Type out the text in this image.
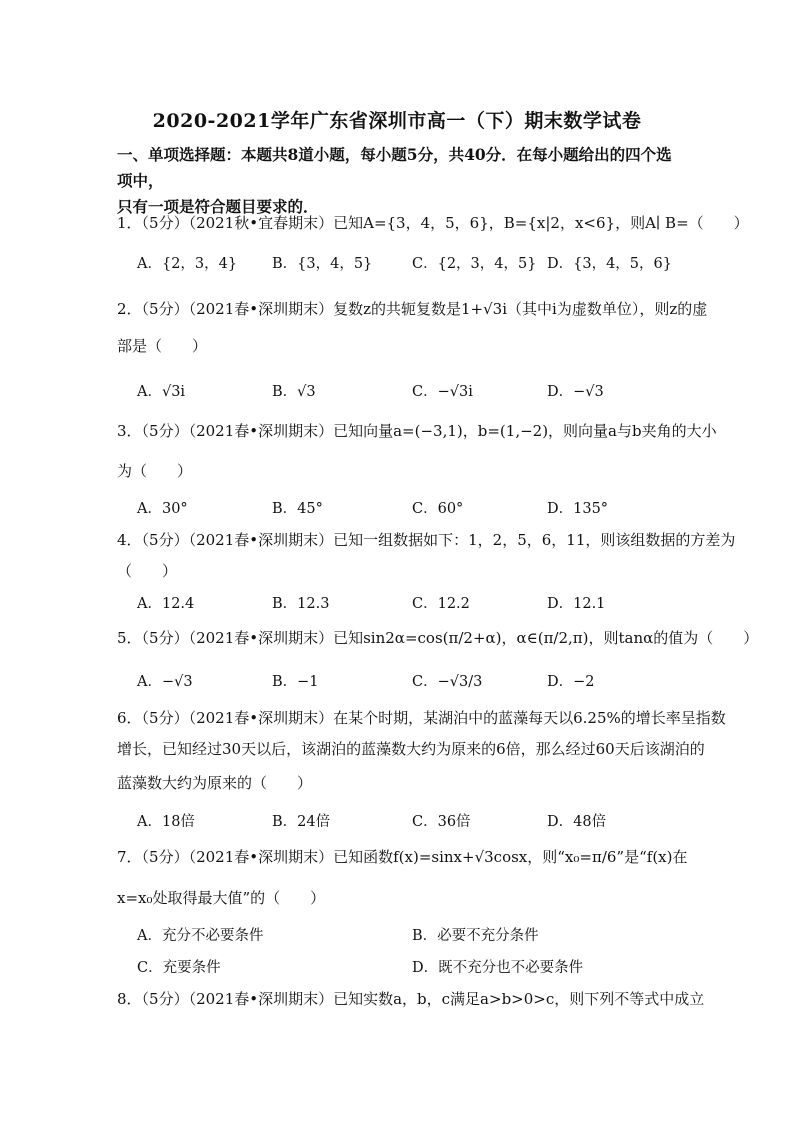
2020-2021学年广东省深圳市高一（下）期末数学试卷
一、单项选择题：本题共8道小题，每小题5分，共40分．在每小题给出的四个选项中，
只有一项是符合题目要求的．
1．（5分）（2021秋•宜春期末）已知A={3，4，5，6}，B={x|2，x<6}，则A∣ B=（　　）
A．{2，3，4} B．{3，4，5}	C．{2，3，4，5} D．{3，4，5，6}
2．（5分）（2021春•深圳期末）复数z的共轭复数是1+√3i（其中i为虚数单位），则z的虚
部是（　　）
A．√3i	B．√3	C．−√3i	D．−√3
3．（5分）（2021春•深圳期末）已知向量a=(−3,1)，b=(1,−2)，则向量a与b夹角的大小
为（　　）
A．30°	B．45°	C．60°	D．135°
4．（5分）（2021春•深圳期末）已知一组数据如下：1，2，5，6，11，则该组数据的方差为
（　　）
A．12.4	B．12.3	C．12.2	D．12.1
5．（5分）（2021春•深圳期末）已知sin2α=cos(π/2+α)，α∈(π/2,π)，则tanα的值为（　　）
A．−√3	B．−1	C．−√3/3	D．−2
6．（5分）（2021春•深圳期末）在某个时期，某湖泊中的蓝藻每天以6.25%的增长率呈指数
增长，已知经过30天以后，该湖泊的蓝藻数大约为原来的6倍，那么经过60天后该湖泊的
蓝藻数大约为原来的（　　）
A．18倍	B．24倍	C．36倍	D．48倍
7．（5分）（2021春•深圳期末）已知函数f(x)=sinx+√3cosx，则“x₀=π/6”是“f(x)在
x=x₀处取得最大值”的（　　）
A．充分不必要条件	B．必要不充分条件
C．充要条件	D．既不充分也不必要条件
8．（5分）（2021春•深圳期末）已知实数a，b，c满足a>b>0>c，则下列不等式中成立
